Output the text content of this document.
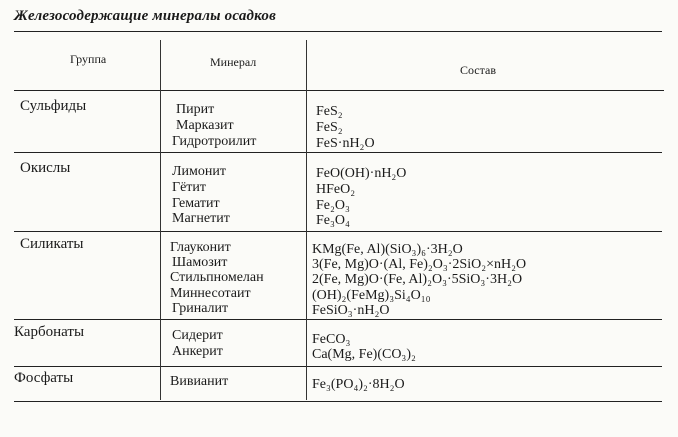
Железосодержащие минералы осадков
Группа	Минерал
Состав
Сульфиды
Окислы
Силикаты
Карбонаты
Фосфаты
Пирит
Марказит
Гидротроилит
Лимонит
Гётит
Гематит
Магнетит
Глауконит
Шамозит
Стильпномелан
Миннесотаит
Гриналит
Сидерит
Анкерит
Вивианит
FeS₂
FeS₂
FeS·nH₂O
FeO(OH)·nH₂O
HFeO₂
Fe₂O₃
Fe₃O₄
KMg(Fe, Al)(SiO₃)₆·3H₂O
3(Fe, Mg)O·(Al, Fe)₂O₃·2SiO₂×nH₂O
2(Fe, Mg)O·(Fe, Al)₂O₃·5SiO₃·3H₂O
(OH)₂(FeMg)₃Si₄O₁₀
FeSiO₃·nH₂O
FeCO₃
Ca(Mg, Fe)(CO₃)₂
Fe₃(PO₄)₂·8H₂O
